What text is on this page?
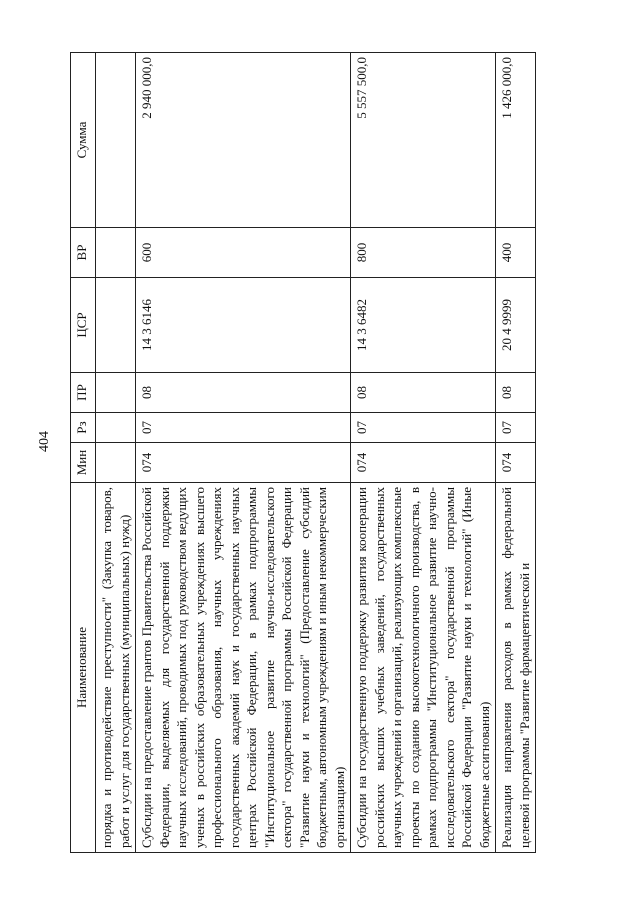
404
Наименование	Мин	Рз	ПР	ЦСР	ВР	Сумма
порядка и противодействие преступности" (Закупка товаров, работ и услуг для государственных (муниципальных) нужд)						
Субсидии на предоставление грантов Правительства Российской Федерации, выделяемых для государственной поддержки научных исследований, проводимых под руководством ведущих ученых в российских образовательных учреждениях высшего профессионального образования, научных учреждениях государственных академий наук и государственных научных центрах Российской Федерации, в рамках подпрограммы "Институциональное развитие научно-исследовательского сектора" государственной программы Российской Федерации "Развитие науки и технологий" (Предоставление субсидий бюджетным, автономным учреждениям и иным некоммерческим организациям)	074	07	08	14 3 6146	600	2 940 000,0
Субсидии на государственную поддержку развития кооперации российских высших учебных заведений, государственных научных учреждений и организаций, реализующих комплексные проекты по созданию высокотехнологичного производства, в рамках подпрограммы "Институциональное развитие научно-исследовательского сектора" государственной программы Российской Федерации "Развитие науки и технологий" (Иные бюджетные ассигнования)	074	07	08	14 3 6482	800	5 557 500,0
Реализация направления расходов в рамках федеральной целевой программы "Развитие фармацевтической и	074	07	08	20 4 9999	400	1 426 000,0
